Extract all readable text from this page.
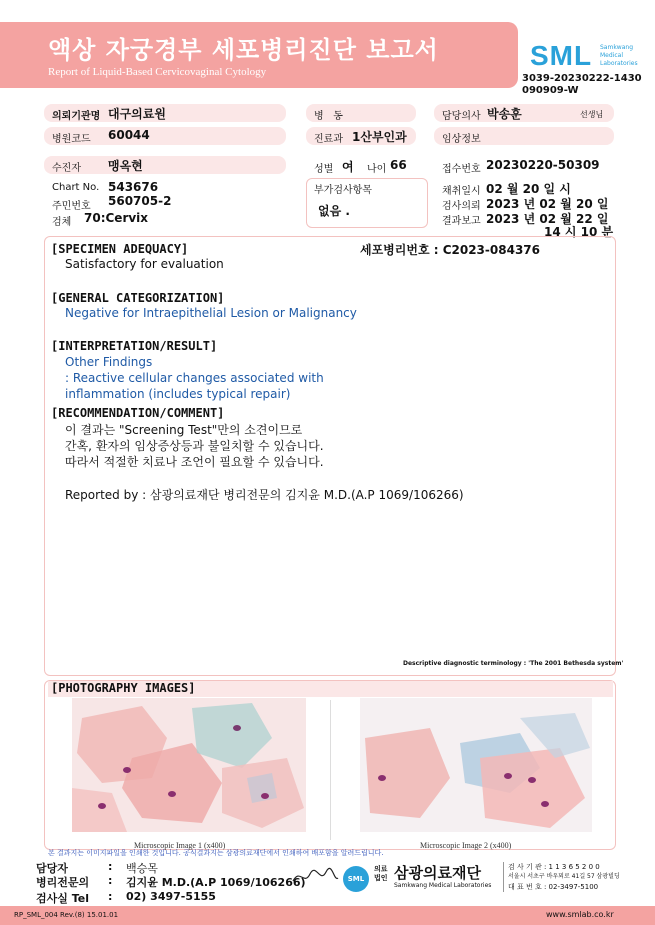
액상 자궁경부 세포병리진단 보고서
Report of Liquid-Based Cervicovaginal Cytology
SML Samkwang
Medical
Laboratories
3039-20230222-1430
090909-W
의뢰기관명 대구의료원	병   동	담당의사 박송훈	선생님
병원코드 60044	진료과 1산부인과	임상정보
수진자 맹옥현	성별 여 나이 66	접수번호 20230220-50309
Chart No. 543676
주민번호 560705-2
검체 70:Cervix
부가검사항목
없음 .
채취일시 02 월 20 일 시
검사의뢰 2023 년 02 월 20 일
결과보고 2023 년 02 월 22 일
14 시 10 분
[SPECIMEN ADEQUACY]	세포병리번호 : C2023-084376
Satisfactory for evaluation
[GENERAL CATEGORIZATION]
Negative for Intraepithelial Lesion or Malignancy
[INTERPRETATION/RESULT]
Other Findings
: Reactive cellular changes associated with
inflammation (includes typical repair)
[RECOMMENDATION/COMMENT]
이 결과는 "Screening Test"만의 소견이므로
간혹, 환자의 임상증상등과 불일치할 수 있습니다.
따라서 적절한 치료나 조언이 필요할 수 있습니다.
Reported by : 삼광의료재단 병리전문의 김지윤 M.D.(A.P 1069/106266)
Descriptive diagnostic terminology : 'The 2001 Bethesda system'
[PHOTOGRAPHY IMAGES]
Microscopic Image 1 (x400)	Microscopic Image 2 (x400)
본 결과지는 이미지파일을 인쇄한 것입니다. 공식결과지는 삼광의료재단에서 인쇄하여 배포함을 알려드립니다.
담당자	: 백승목
병리전문의 : 김지윤 M.D.(A.P 1069/106266)
검사실 Tel : 02) 3497-5155
SML
의료
법인 삼광의료재단
Samkwang Medical Laboratories
검 사 기 관 : 1 1 3 6 5 2 0 0
서울시 서초구 바우뫼로 41길 57 삼광빌딩
대 표 번 호 : 02-3497-5100
RP_SML_004 Rev.(8) 15.01.01	www.smlab.co.kr
